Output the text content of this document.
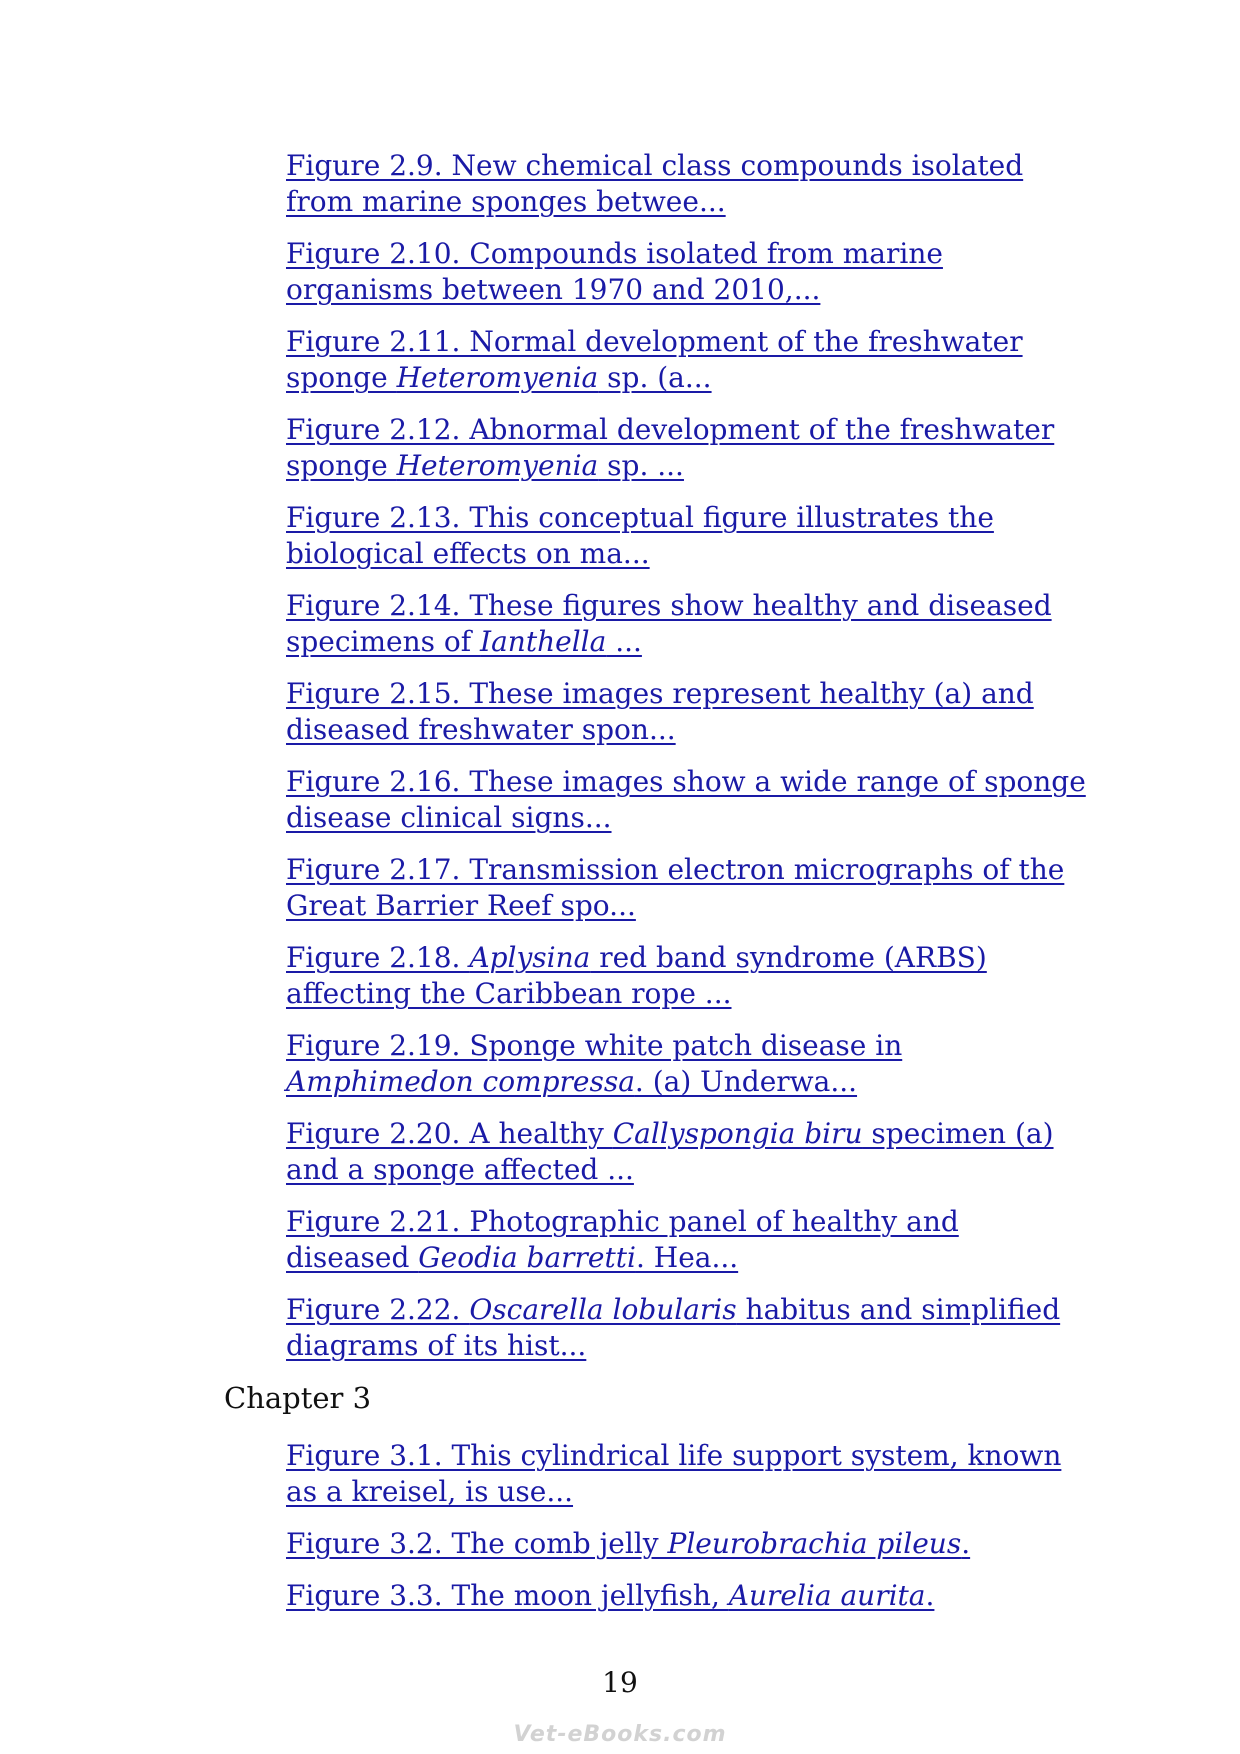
Figure 2.9. New chemical class compounds isolated from marine sponges betwee...
Figure 2.10. Compounds isolated from marine organisms between 1970 and 2010,...
Figure 2.11. Normal development of the freshwater sponge Heteromyenia sp. (a...
Figure 2.12. Abnormal development of the freshwater sponge Heteromyenia sp. ...
Figure 2.13. This conceptual figure illustrates the biological effects on ma...
Figure 2.14. These figures show healthy and diseased specimens of Ianthella ...
Figure 2.15. These images represent healthy (a) and diseased freshwater spon...
Figure 2.16. These images show a wide range of sponge disease clinical signs...
Figure 2.17. Transmission electron micrographs of the Great Barrier Reef spo...
Figure 2.18. Aplysina red band syndrome (ARBS) affecting the Caribbean rope ...
Figure 2.19. Sponge white patch disease in Amphimedon compressa. (a) Underwa...
Figure 2.20. A healthy Callyspongia biru specimen (a) and a sponge affected ...
Figure 2.21. Photographic panel of healthy and diseased Geodia barretti. Hea...
Figure 2.22. Oscarella lobularis habitus and simplified diagrams of its hist...
Chapter 3
Figure 3.1. This cylindrical life support system, known as a kreisel, is use...
Figure 3.2. The comb jelly Pleurobrachia pileus.
Figure 3.3. The moon jellyfish, Aurelia aurita.
19
Vet-eBooks.com
